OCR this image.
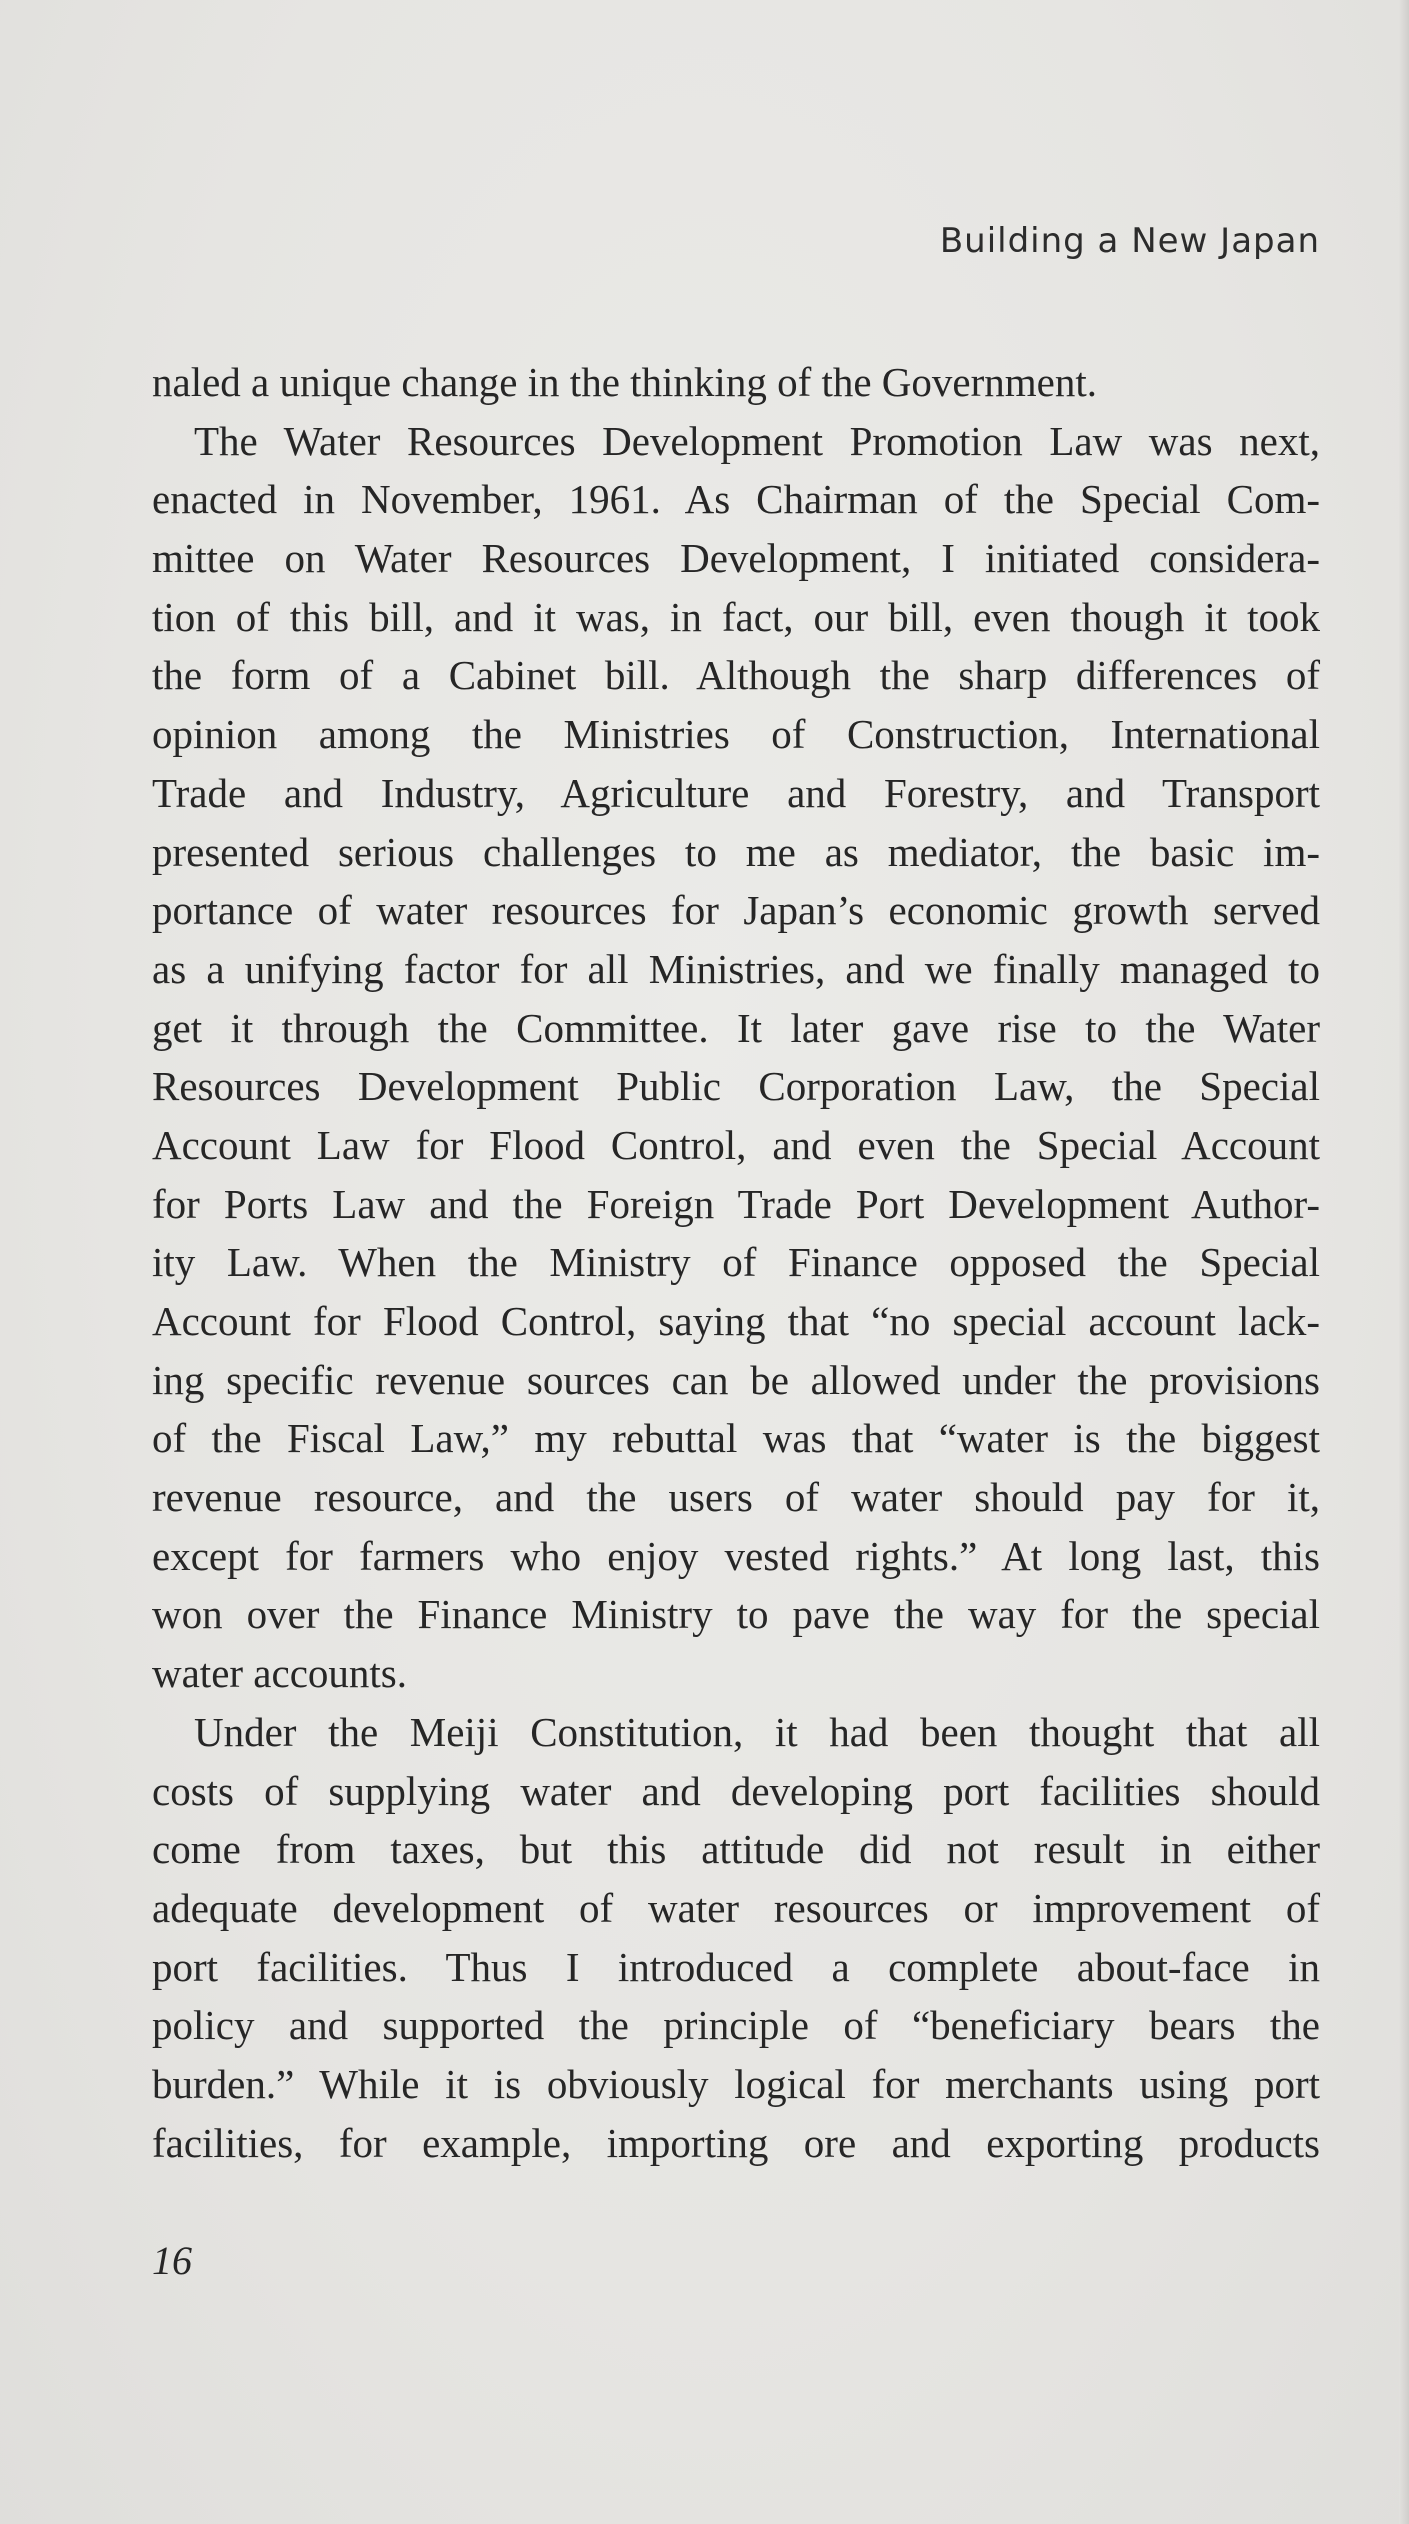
Building a New Japan
naled a unique change in the thinking of the Government.
The Water Resources Development Promotion Law was next,
enacted in November, 1961. As Chairman of the Special Com-
mittee on Water Resources Development, I initiated considera-
tion of this bill, and it was, in fact, our bill, even though it took
the form of a Cabinet bill. Although the sharp differences of
opinion among the Ministries of Construction, International
Trade and Industry, Agriculture and Forestry, and Transport
presented serious challenges to me as mediator, the basic im-
portance of water resources for Japan’s economic growth served
as a unifying factor for all Ministries, and we finally managed to
get it through the Committee. It later gave rise to the Water
Resources Development Public Corporation Law, the Special
Account Law for Flood Control, and even the Special Account
for Ports Law and the Foreign Trade Port Development Author-
ity Law. When the Ministry of Finance opposed the Special
Account for Flood Control, saying that “no special account lack-
ing specific revenue sources can be allowed under the provisions
of the Fiscal Law,” my rebuttal was that “water is the biggest
revenue resource, and the users of water should pay for it,
except for farmers who enjoy vested rights.” At long last, this
won over the Finance Ministry to pave the way for the special
water accounts.
Under the Meiji Constitution, it had been thought that all
costs of supplying water and developing port facilities should
come from taxes, but this attitude did not result in either
adequate development of water resources or improvement of
port facilities. Thus I introduced a complete about-face in
policy and supported the principle of “beneficiary bears the
burden.” While it is obviously logical for merchants using port
facilities, for example, importing ore and exporting products
16
